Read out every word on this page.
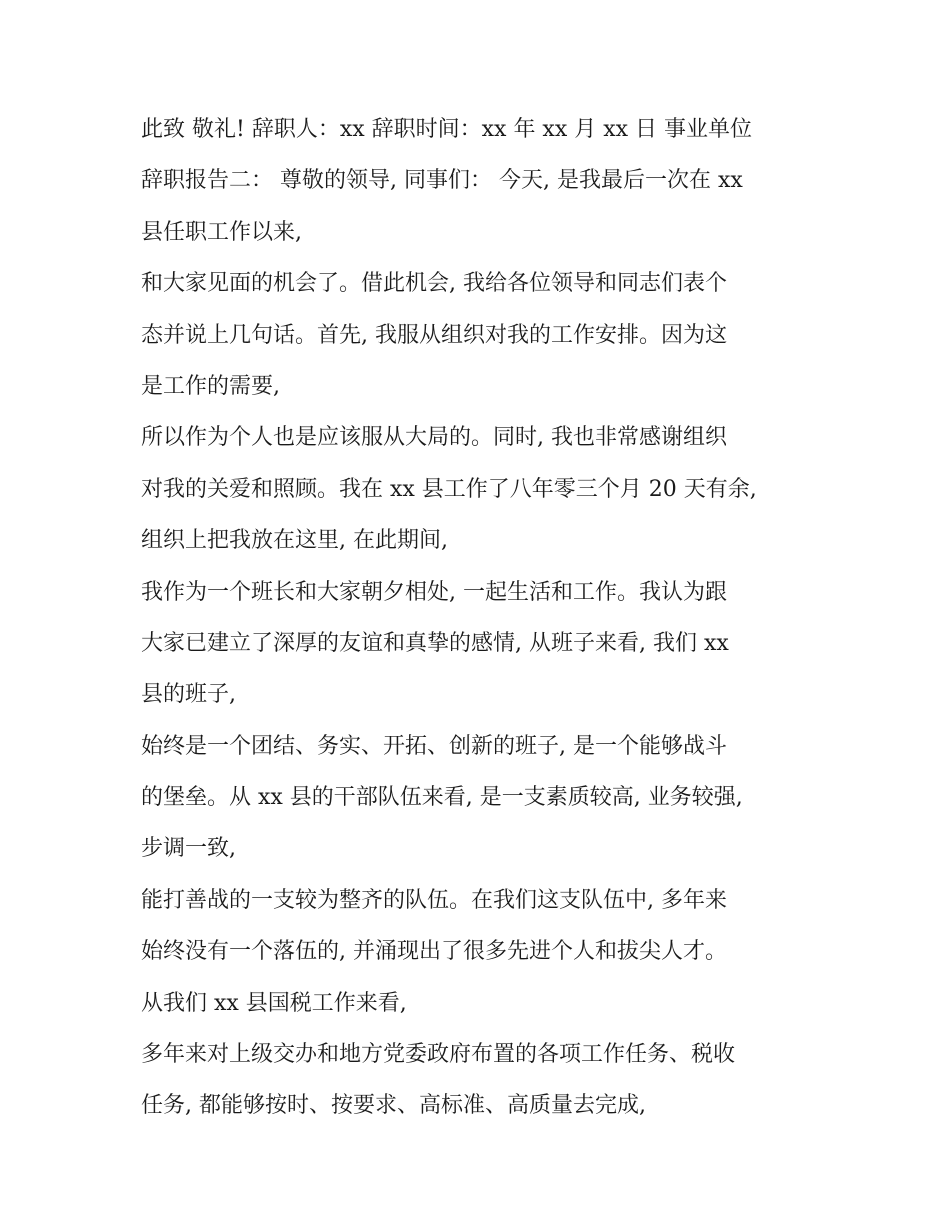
此致 敬礼! 辞职人：xx 辞职时间：xx 年 xx 月 xx 日 事业单位
辞职报告二： 尊敬的领导, 同事们： 今天, 是我最后一次在 xx
县任职工作以来,
和大家见面的机会了。借此机会, 我给各位领导和同志们表个
态并说上几句话。首先, 我服从组织对我的工作安排。因为这
是工作的需要,
所以作为个人也是应该服从大局的。同时, 我也非常感谢组织
对我的关爱和照顾。我在 xx 县工作了八年零三个月 20 天有余,
组织上把我放在这里, 在此期间,
我作为一个班长和大家朝夕相处, 一起生活和工作。我认为跟
大家已建立了深厚的友谊和真挚的感情, 从班子来看, 我们 xx
县的班子,
始终是一个团结、务实、开拓、创新的班子, 是一个能够战斗
的堡垒。从 xx 县的干部队伍来看, 是一支素质较高, 业务较强,
步调一致,
能打善战的一支较为整齐的队伍。在我们这支队伍中, 多年来
始终没有一个落伍的, 并涌现出了很多先进个人和拔尖人才。
从我们 xx 县国税工作来看,
多年来对上级交办和地方党委政府布置的各项工作任务、税收
任务, 都能够按时、按要求、高标准、高质量去完成,
